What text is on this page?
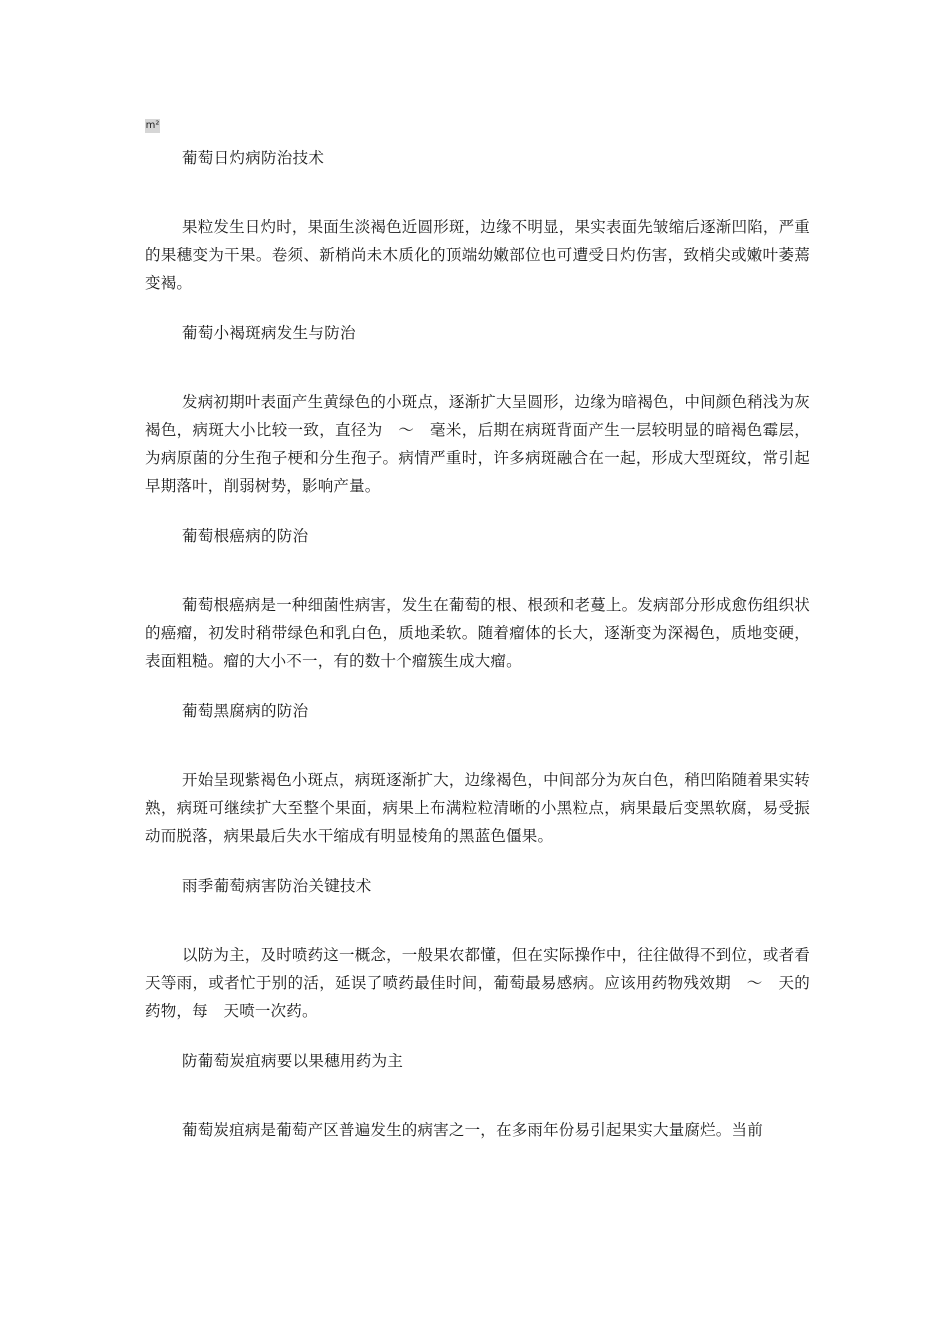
m²
葡萄日灼病防治技术

果粒发生日灼时，果面生淡褐色近圆形斑，边缘不明显，果实表面先皱缩后逐渐凹陷，严重的果穗变为干果。卷须、新梢尚未木质化的顶端幼嫩部位也可遭受日灼伤害，致梢尖或嫩叶萎蔫变褐。

葡萄小褐斑病发生与防治

发病初期叶表面产生黄绿色的小斑点，逐渐扩大呈圆形，边缘为暗褐色，中间颜色稍浅为灰褐色，病斑大小比较一致，直径为　～　毫米，后期在病斑背面产生一层较明显的暗褐色霉层，为病原菌的分生孢子梗和分生孢子。病情严重时，许多病斑融合在一起，形成大型斑纹，常引起早期落叶，削弱树势，影响产量。

葡萄根癌病的防治

葡萄根癌病是一种细菌性病害，发生在葡萄的根、根颈和老蔓上。发病部分形成愈伤组织状的癌瘤，初发时稍带绿色和乳白色，质地柔软。随着瘤体的长大，逐渐变为深褐色，质地变硬，表面粗糙。瘤的大小不一，有的数十个瘤簇生成大瘤。

葡萄黑腐病的防治

开始呈现紫褐色小斑点，病斑逐渐扩大，边缘褐色，中间部分为灰白色，稍凹陷随着果实转熟，病斑可继续扩大至整个果面，病果上布满粒粒清晰的小黑粒点，病果最后变黑软腐，易受振动而脱落，病果最后失水干缩成有明显棱角的黑蓝色僵果。

雨季葡萄病害防治关键技术

以防为主，及时喷药这一概念，一般果农都懂，但在实际操作中，往往做得不到位，或者看天等雨，或者忙于别的活，延误了喷药最佳时间，葡萄最易感病。应该用药物残效期　～　天的药物，每　天喷一次药。

防葡萄炭疽病要以果穗用药为主

葡萄炭疽病是葡萄产区普遍发生的病害之一，在多雨年份易引起果实大量腐烂。当前
